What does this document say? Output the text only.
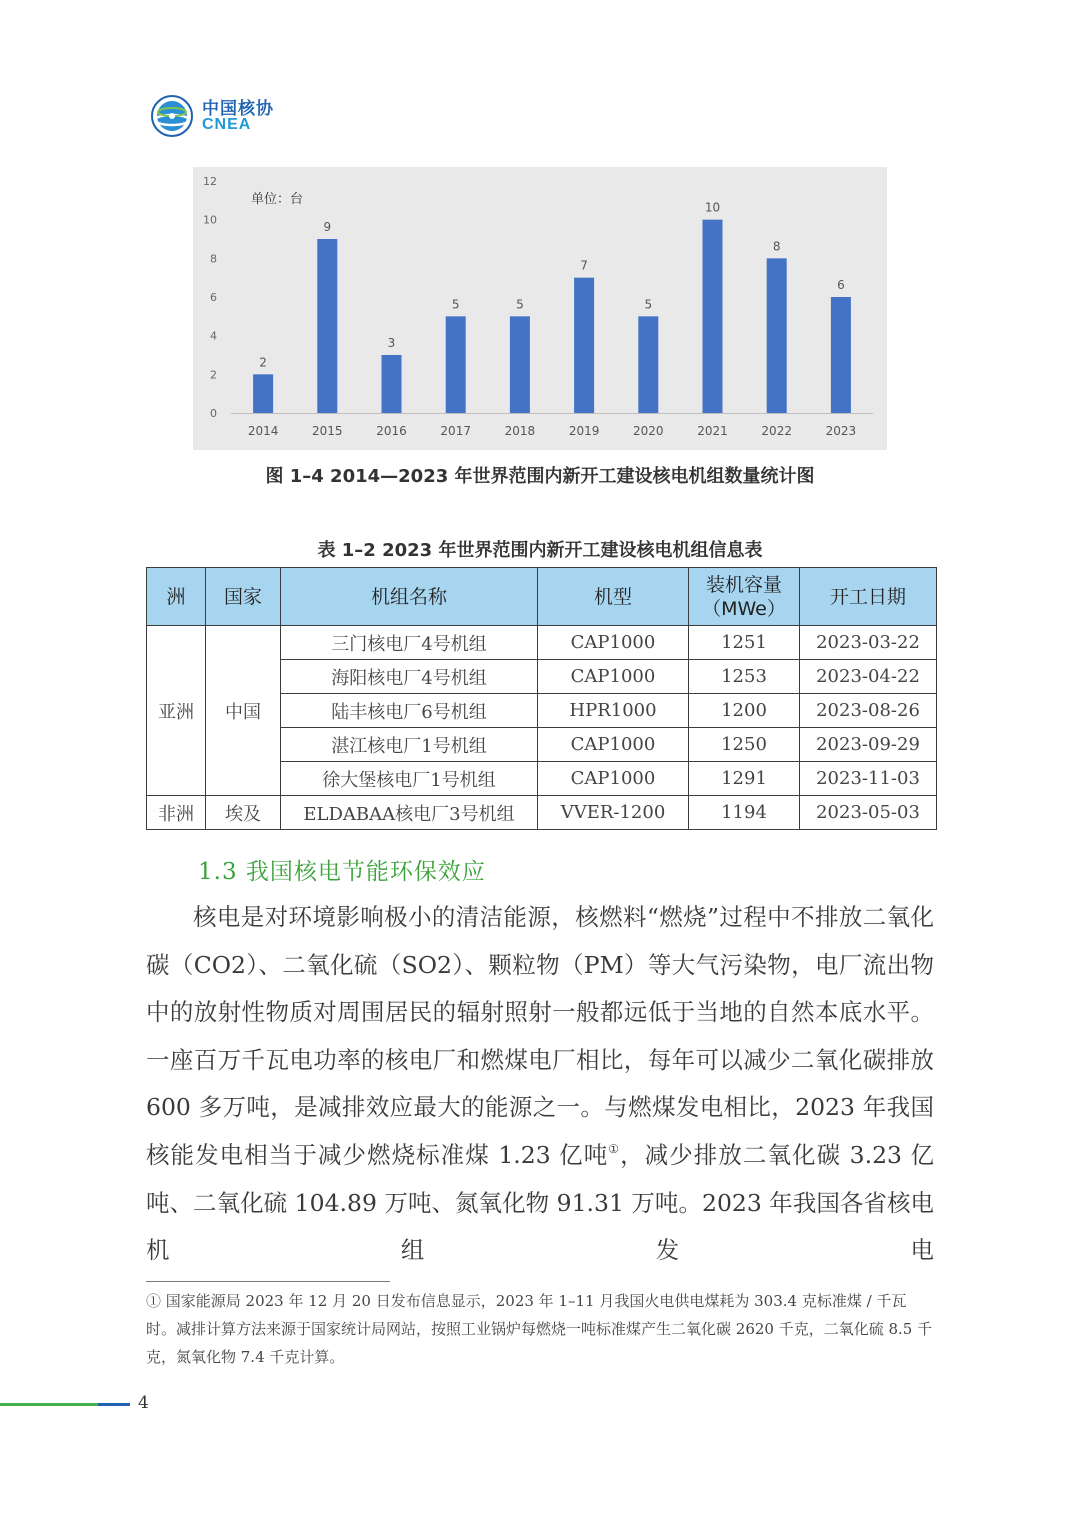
中国核协
CNEA
0
2
4
6
8
10
12
单位：台
2
2014
9
2015
3
2016
5
2017
5
2018
7
2019
5
2020
10
2021
8
2022
6
2023
图 1–4 2014—2023 年世界范围内新开工建设核电机组数量统计图
表 1–2 2023 年世界范围内新开工建设核电机组信息表
洲	国家	机组名称	机型	装机容量
（MWe）	开工日期
亚洲	中国	三门核电厂4号机组	CAP1000	1251	2023-03-22
		海阳核电厂4号机组	CAP1000	1253	2023-04-22
		陆丰核电厂6号机组	HPR1000	1200	2023-08-26
		湛江核电厂1号机组	CAP1000	1250	2023-09-29
		徐大堡核电厂1号机组	CAP1000	1291	2023-11-03
非洲	埃及	ELDABAA核电厂3号机组	VVER-1200	1194	2023-05-03
1.3 我国核电节能环保效应

核电是对环境影响极小的清洁能源，核燃料“燃烧”过程中不排放二氧化碳（CO2）、二氧化硫（SO2）、颗粒物（PM）等大气污染物，电厂流出物中的放射性物质对周围居民的辐射照射一般都远低于当地的自然本底水平。一座百万千瓦电功率的核电厂和燃煤电厂相比，每年可以减少二氧化碳排放 600 多万吨，是减排效应最大的能源之一。与燃煤发电相比，2023 年我国核能发电相当于减少燃烧标准煤 1.23 亿吨①，减少排放二氧化碳 3.23 亿吨、二氧化硫 104.89 万吨、氮氧化物 91.31 万吨。2023 年我国各省核电机组发电

① 国家能源局 2023 年 12 月 20 日发布信息显示，2023 年 1–11 月我国火电供电煤耗为 303.4 克标准煤 / 千瓦时。减排计算方法来源于国家统计局网站，按照工业锅炉每燃烧一吨标准煤产生二氧化碳 2620 千克，二氧化硫 8.5 千克，氮氧化物 7.4 千克计算。
4
